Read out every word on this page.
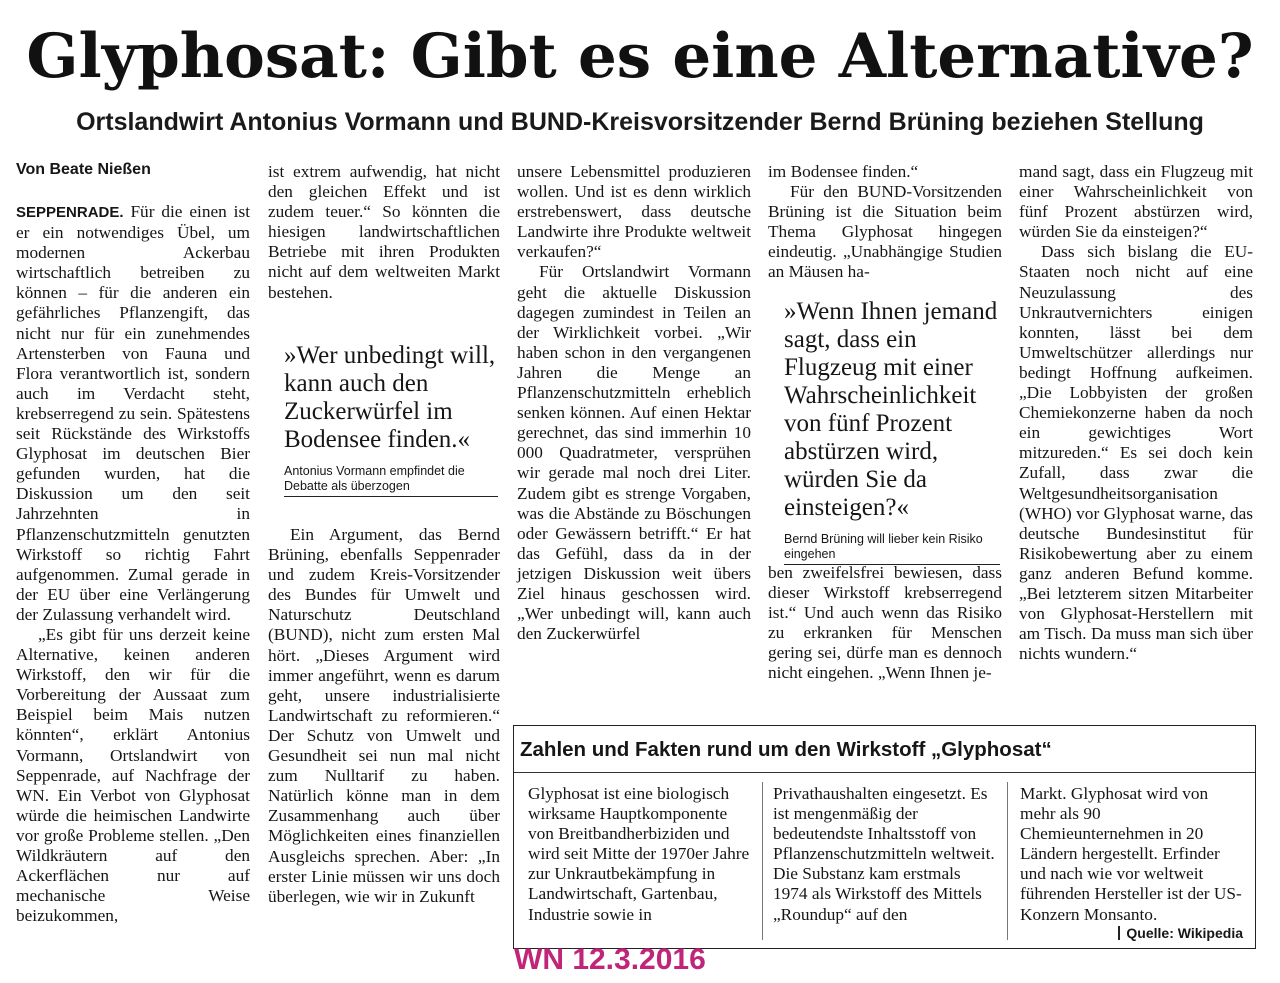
Glyphosat: Gibt es eine Alternative?
Ortslandwirt Antonius Vormann und BUND-Kreisvorsitzender Bernd Brüning beziehen Stellung
Von Beate Nießen

SEPPENRADE. Für die einen ist er ein notwendiges Übel, um modernen Ackerbau wirtschaftlich betreiben zu können – für die anderen ein gefährliches Pflanzengift, das nicht nur für ein zunehmendes Artensterben von Fauna und Flora verantwortlich ist, sondern auch im Verdacht steht, krebserregend zu sein. Spätestens seit Rückstände des Wirkstoffs Glyphosat im deutschen Bier gefunden wurden, hat die Diskussion um den seit Jahrzehnten in Pflanzenschutzmitteln genutzten Wirkstoff so richtig Fahrt aufgenommen. Zumal gerade in der EU über eine Verlängerung der Zulassung verhandelt wird.

„Es gibt für uns derzeit keine Alternative, keinen anderen Wirkstoff, den wir für die Vorbereitung der Aussaat zum Beispiel beim Mais nutzen könnten“, erklärt Antonius Vormann, Ortslandwirt von Seppenrade, auf Nachfrage der WN. Ein Verbot von Glyphosat würde die heimischen Landwirte vor große Probleme stellen. „Den Wildkräutern auf den Ackerflächen nur auf mechanische Weise beizukommen,

ist extrem aufwendig, hat nicht den gleichen Effekt und ist zudem teuer.“ So könnten die hiesigen landwirtschaftlichen Betriebe mit ihren Produkten nicht auf dem weltweiten Markt bestehen.

»Wer unbedingt will, kann auch den Zuckerwürfel im Bodensee finden.«

Antonius Vormann empfindet die Debatte als überzogen

Ein Argument, das Bernd Brüning, ebenfalls Seppenrader und zudem Kreis-Vorsitzender des Bundes für Umwelt und Naturschutz Deutschland (BUND), nicht zum ersten Mal hört. „Dieses Argument wird immer angeführt, wenn es darum geht, unsere industrialisierte Landwirtschaft zu reformieren.“ Der Schutz von Umwelt und Gesundheit sei nun mal nicht zum Nulltarif zu haben. Natürlich könne man in dem Zusammenhang auch über Möglichkeiten eines finanziellen Ausgleichs sprechen. Aber: „In erster Linie müssen wir uns doch überlegen, wie wir in Zukunft

unsere Lebensmittel produzieren wollen. Und ist es denn wirklich erstrebenswert, dass deutsche Landwirte ihre Produkte weltweit verkaufen?“

Für Ortslandwirt Vormann geht die aktuelle Diskussion dagegen zumindest in Teilen an der Wirklichkeit vorbei. „Wir haben schon in den vergangenen Jahren die Menge an Pflanzenschutzmitteln erheblich senken können. Auf einen Hektar gerechnet, das sind immerhin 10 000 Quadratmeter, versprühen wir gerade mal noch drei Liter. Zudem gibt es strenge Vorgaben, was die Abstände zu Böschungen oder Gewässern betrifft.“ Er hat das Gefühl, dass da in der jetzigen Diskussion weit übers Ziel hinaus geschossen wird. „Wer unbedingt will, kann auch den Zuckerwürfel

im Bodensee finden.“

Für den BUND-Vorsitzenden Brüning ist die Situation beim Thema Glyphosat hingegen eindeutig. „Unabhängige Studien an Mäusen ha-

»Wenn Ihnen jemand sagt, dass ein Flugzeug mit einer Wahrscheinlichkeit von fünf Prozent abstürzen wird, würden Sie da einsteigen?«

Bernd Brüning will lieber kein Risiko eingehen

ben zweifelsfrei bewiesen, dass dieser Wirkstoff krebserregend ist.“ Und auch wenn das Risiko zu erkranken für Menschen gering sei, dürfe man es dennoch nicht eingehen. „Wenn Ihnen je-

mand sagt, dass ein Flugzeug mit einer Wahrscheinlichkeit von fünf Prozent abstürzen wird, würden Sie da einsteigen?“

Dass sich bislang die EU-Staaten noch nicht auf eine Neuzulassung des Unkrautvernichters einigen konnten, lässt bei dem Umweltschützer allerdings nur bedingt Hoffnung aufkeimen. „Die Lobbyisten der großen Chemiekonzerne haben da noch ein gewichtiges Wort mitzureden.“ Es sei doch kein Zufall, dass zwar die Weltgesundheitsorganisation (WHO) vor Glyphosat warne, das deutsche Bundesinstitut für Risikobewertung aber zu einem ganz anderen Befund komme. „Bei letzterem sitzen Mitarbeiter von Glyphosat-Herstellern mit am Tisch. Da muss man sich über nichts wundern.“

Zahlen und Fakten rund um den Wirkstoff „Glyphosat“
Glyphosat ist eine biologisch wirksame Hauptkomponente von Breitbandherbiziden und wird seit Mitte der 1970er Jahre zur Unkrautbekämpfung in Landwirtschaft, Gartenbau, Industrie sowie in
Privathaushalten eingesetzt. Es ist mengenmäßig der bedeutendste Inhaltsstoff von Pflanzenschutzmitteln weltweit. Die Substanz kam erstmals 1974 als Wirkstoff des Mittels „Roundup“ auf den
Markt. Glyphosat wird von mehr als 90 Chemieunternehmen in 20 Ländern hergestellt. Erfinder und nach wie vor weltweit führenden Hersteller ist der US-Konzern Monsanto.
Quelle: Wikipedia
WN 12.3.2016
